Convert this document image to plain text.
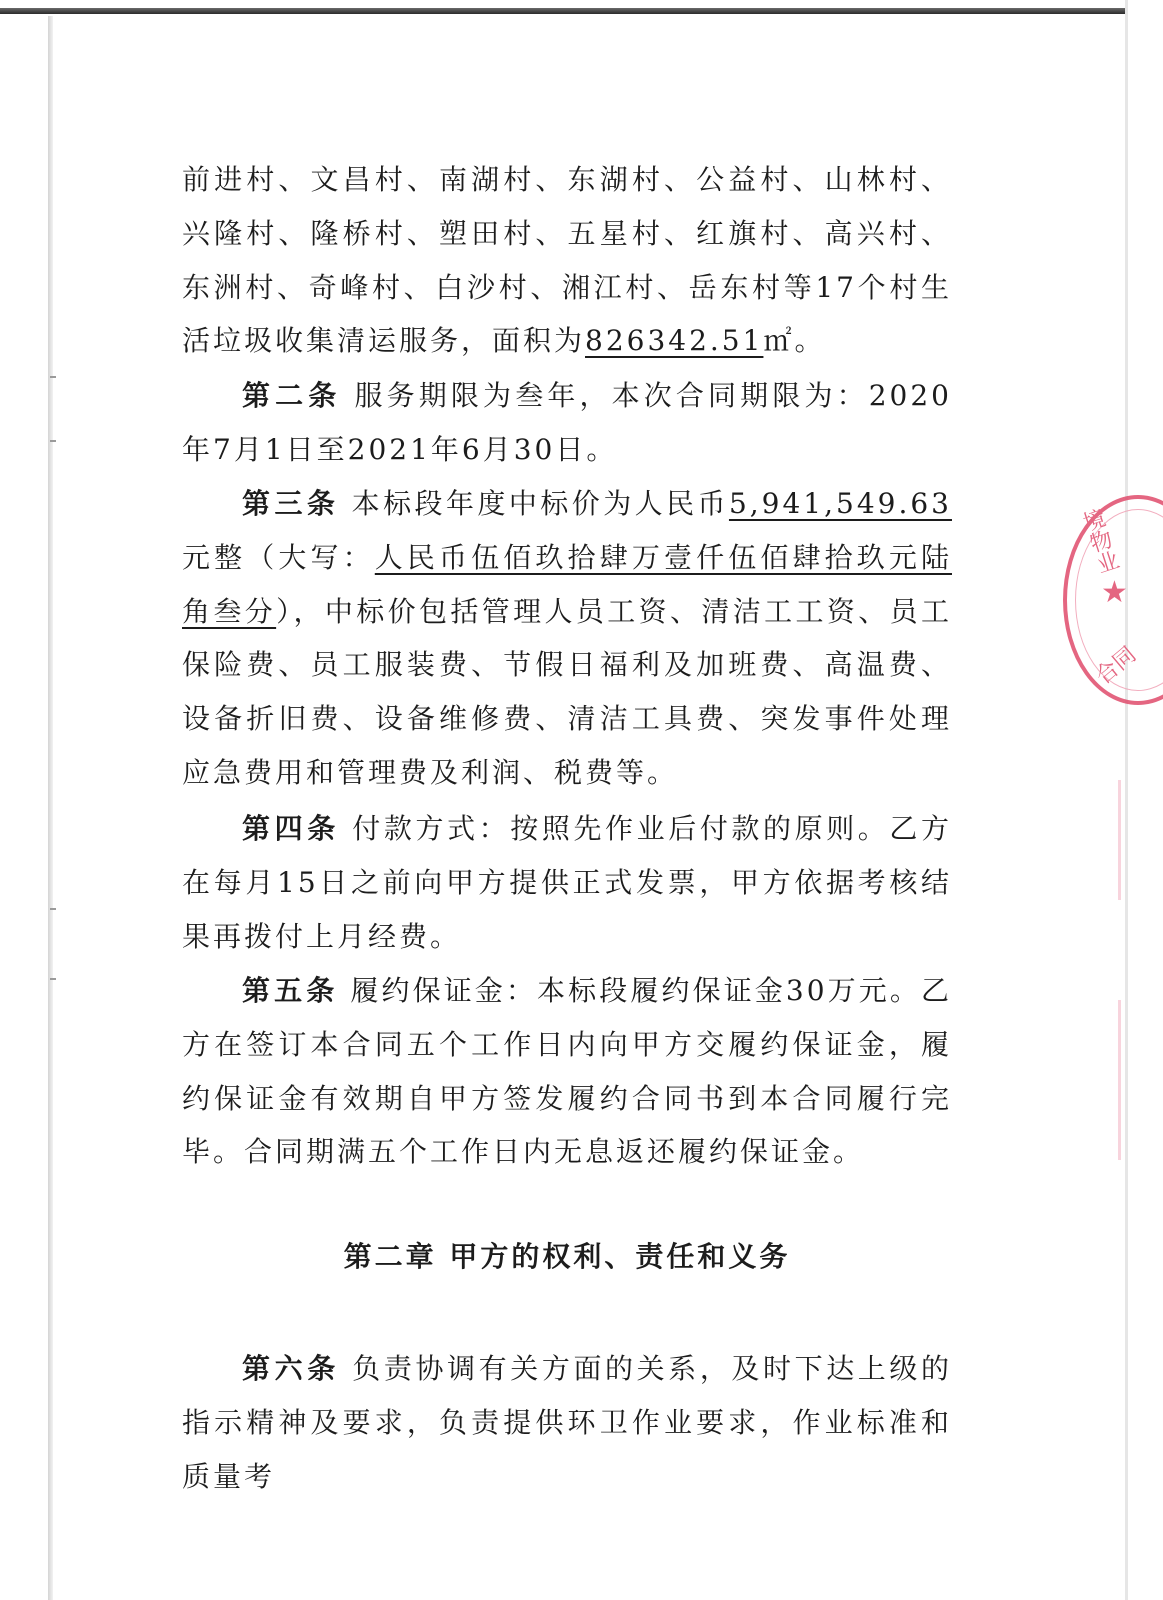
前进村、文昌村、南湖村、东湖村、公益村、山林村、兴隆村、隆桥村、塑田村、五星村、红旗村、高兴村、东洲村、奇峰村、白沙村、湘江村、岳东村等17个村生活垃圾收集清运服务，面积为826342.51㎡。
第二条 服务期限为叁年，本次合同期限为：2020年7月1日至2021年6月30日。
第三条 本标段年度中标价为人民币5,941,549.63元整（大写：人民币伍佰玖拾肆万壹仟伍佰肆拾玖元陆角叁分），中标价包括管理人员工资、清洁工工资、员工保险费、员工服装费、节假日福利及加班费、高温费、设备折旧费、设备维修费、清洁工具费、突发事件处理应急费用和管理费及利润、税费等。
第四条 付款方式：按照先作业后付款的原则。乙方在每月15日之前向甲方提供正式发票，甲方依据考核结果再拨付上月经费。
第五条 履约保证金：本标段履约保证金30万元。乙方在签订本合同五个工作日内向甲方交履约保证金，履约保证金有效期自甲方签发履约合同书到本合同履行完毕。合同期满五个工作日内无息返还履约保证金。
第二章 甲方的权利、责任和义务
第六条 负责协调有关方面的关系，及时下达上级的指示精神及要求，负责提供环卫作业要求，作业标准和质量考
境物业
★
合同
